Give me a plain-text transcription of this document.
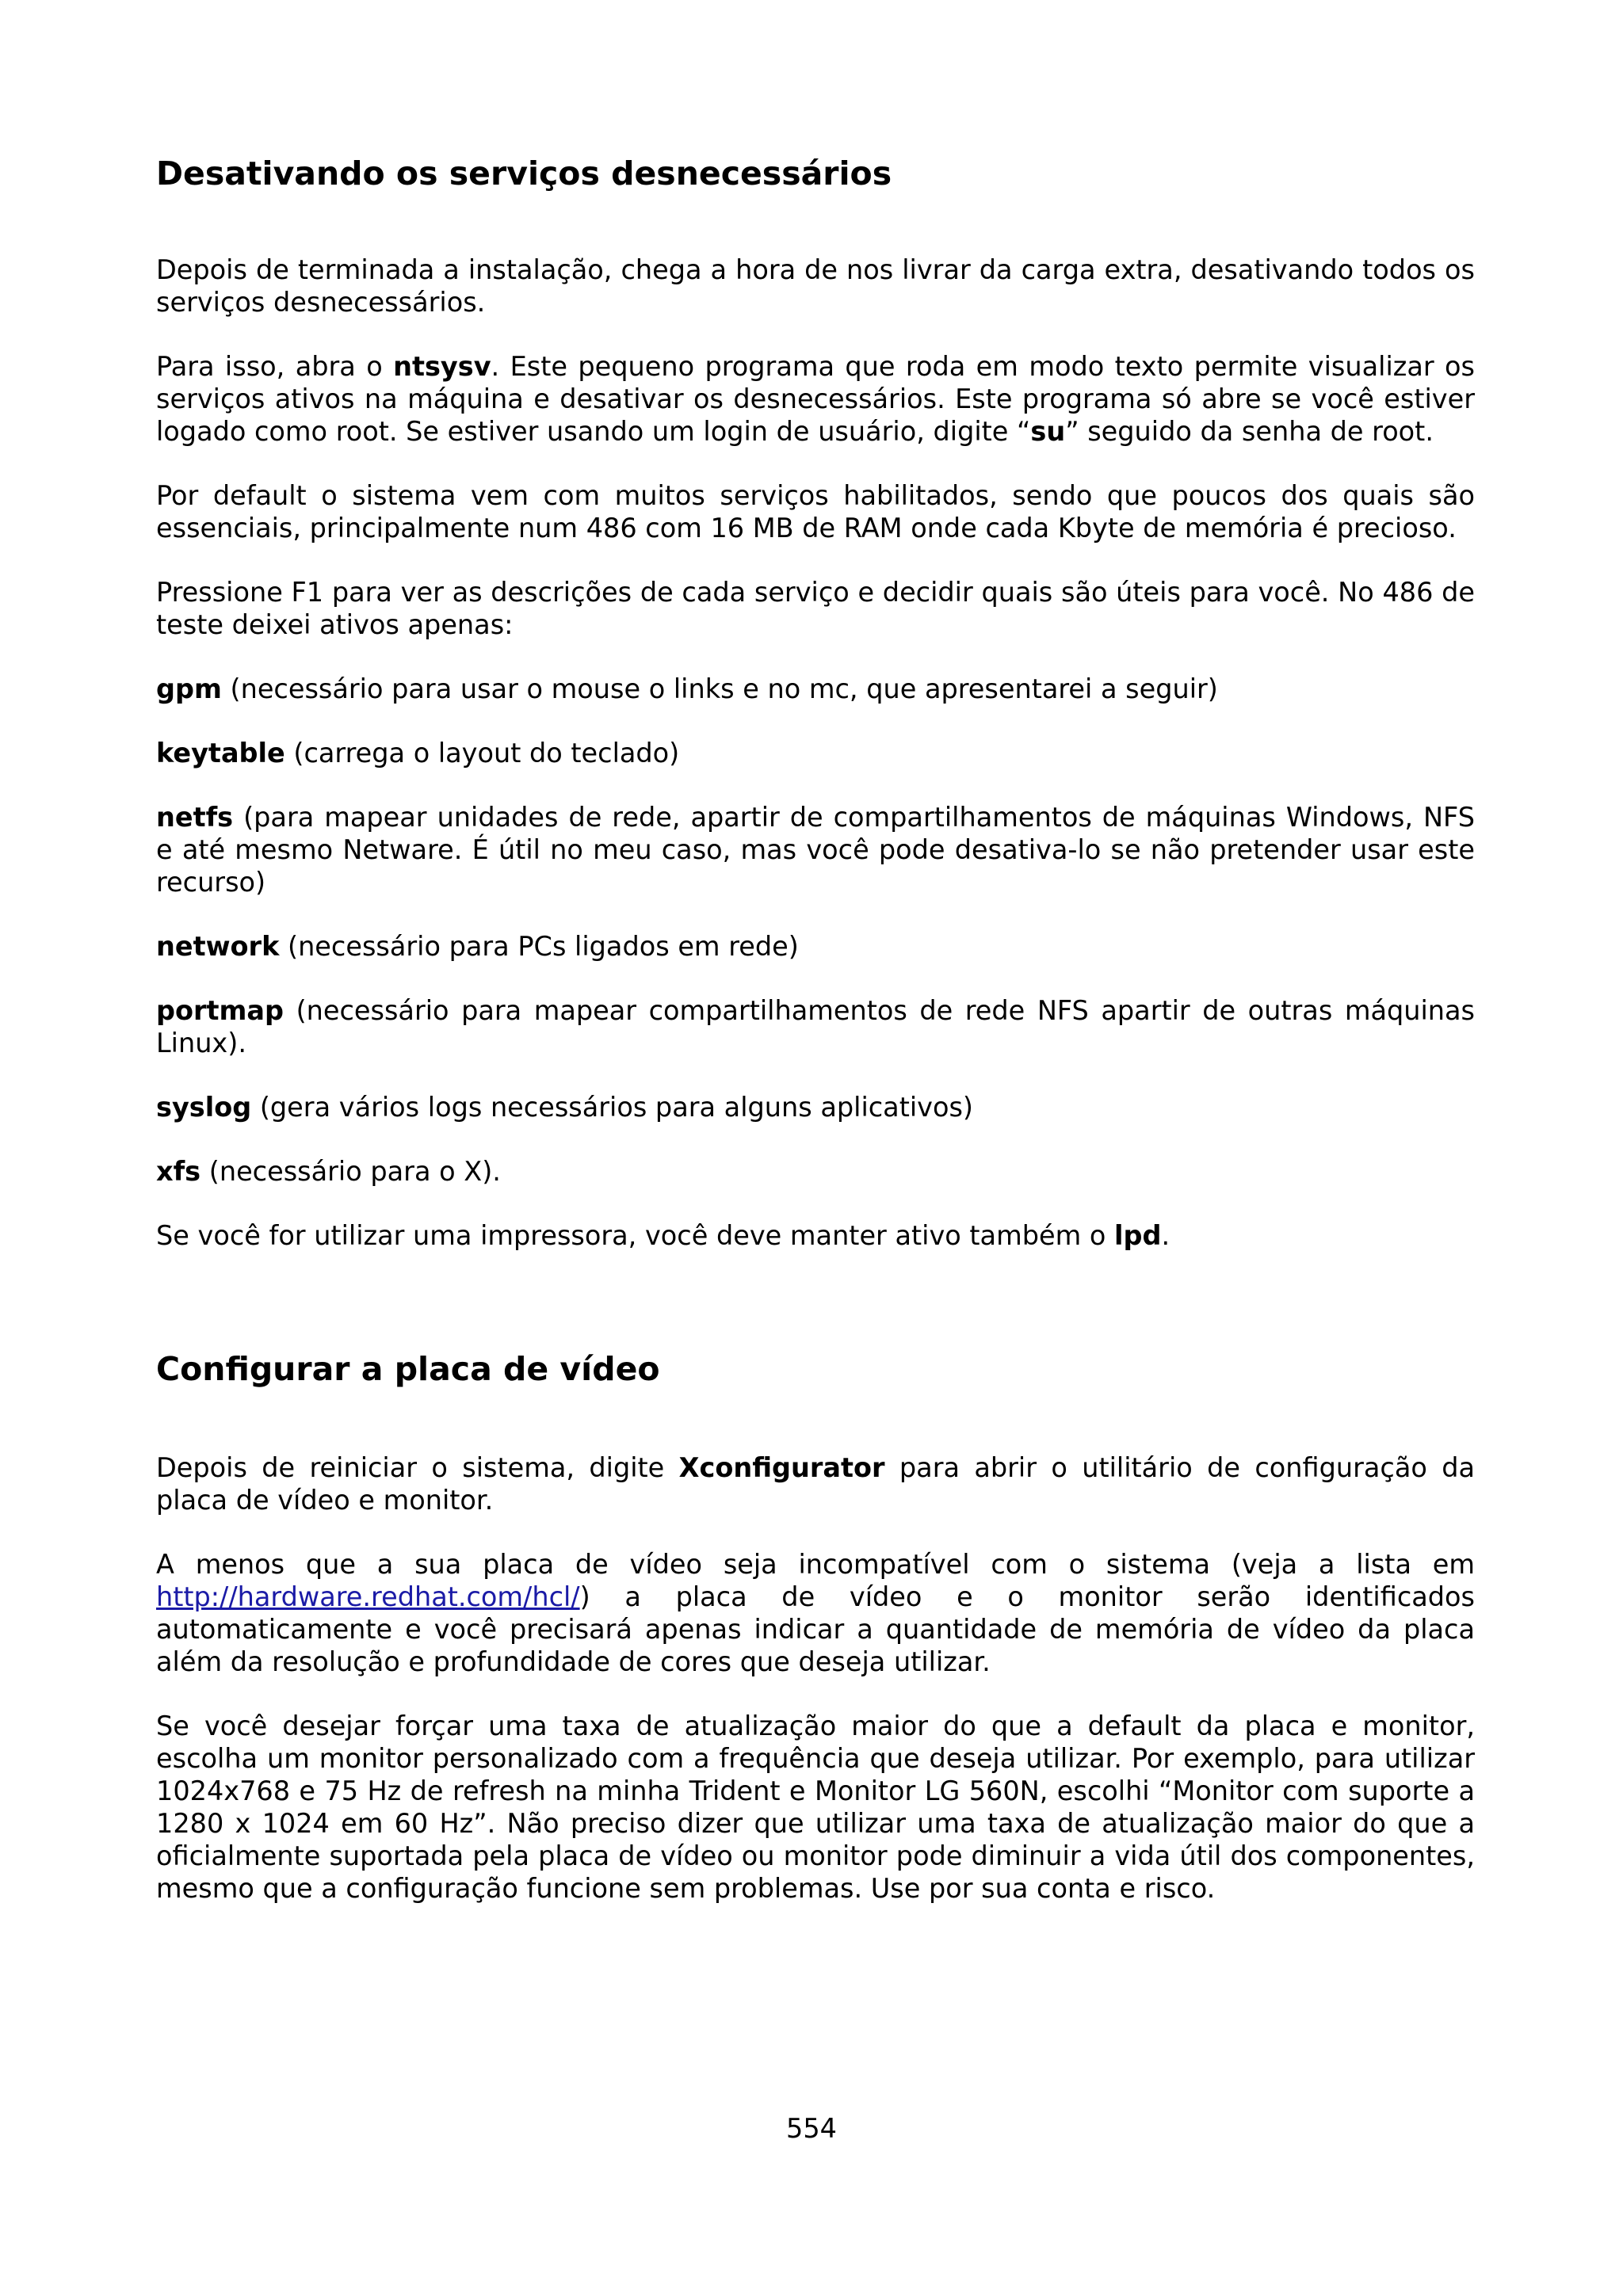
Desativando os serviços desnecessários

Depois de terminada a instalação, chega a hora de nos livrar da carga extra, desativando todos os serviços desnecessários.

Para isso, abra o ntsysv. Este pequeno programa que roda em modo texto permite visualizar os serviços ativos na máquina e desativar os desnecessários. Este programa só abre se você estiver logado como root. Se estiver usando um login de usuário, digite “su” seguido da senha de root.

Por default o sistema vem com muitos serviços habilitados, sendo que poucos dos quais são essenciais, principalmente num 486 com 16 MB de RAM onde cada Kbyte de memória é precioso.

Pressione F1 para ver as descrições de cada serviço e decidir quais são úteis para você. No 486 de teste deixei ativos apenas:

gpm (necessário para usar o mouse o links e no mc, que apresentarei a seguir)

keytable (carrega o layout do teclado)

netfs (para mapear unidades de rede, apartir de compartilhamentos de máquinas Windows, NFS e até mesmo Netware. É útil no meu caso, mas você pode desativa-lo se não pretender usar este recurso)

network (necessário para PCs ligados em rede)

portmap (necessário para mapear compartilhamentos de rede NFS apartir de outras máquinas Linux).

syslog (gera vários logs necessários para alguns aplicativos)

xfs (necessário para o X).

Se você for utilizar uma impressora, você deve manter ativo também o lpd.

Configurar a placa de vídeo

Depois de reiniciar o sistema, digite Xconfigurator para abrir o utilitário de configuração da placa de vídeo e monitor.

A menos que a sua placa de vídeo seja incompatível com o sistema (veja a lista em http://hardware.redhat.com/hcl/) a placa de vídeo e o monitor serão identificados automaticamente e você precisará apenas indicar a quantidade de memória de vídeo da placa além da resolução e profundidade de cores que deseja utilizar.

Se você desejar forçar uma taxa de atualização maior do que a default da placa e monitor, escolha um monitor personalizado com a frequência que deseja utilizar. Por exemplo, para utilizar 1024x768 e 75 Hz de refresh na minha Trident e Monitor LG 560N, escolhi “Monitor com suporte a 1280 x 1024 em 60 Hz”. Não preciso dizer que utilizar uma taxa de atualização maior do que a oficialmente suportada pela placa de vídeo ou monitor pode diminuir a vida útil dos componentes, mesmo que a configuração funcione sem problemas. Use por sua conta e risco.

554
